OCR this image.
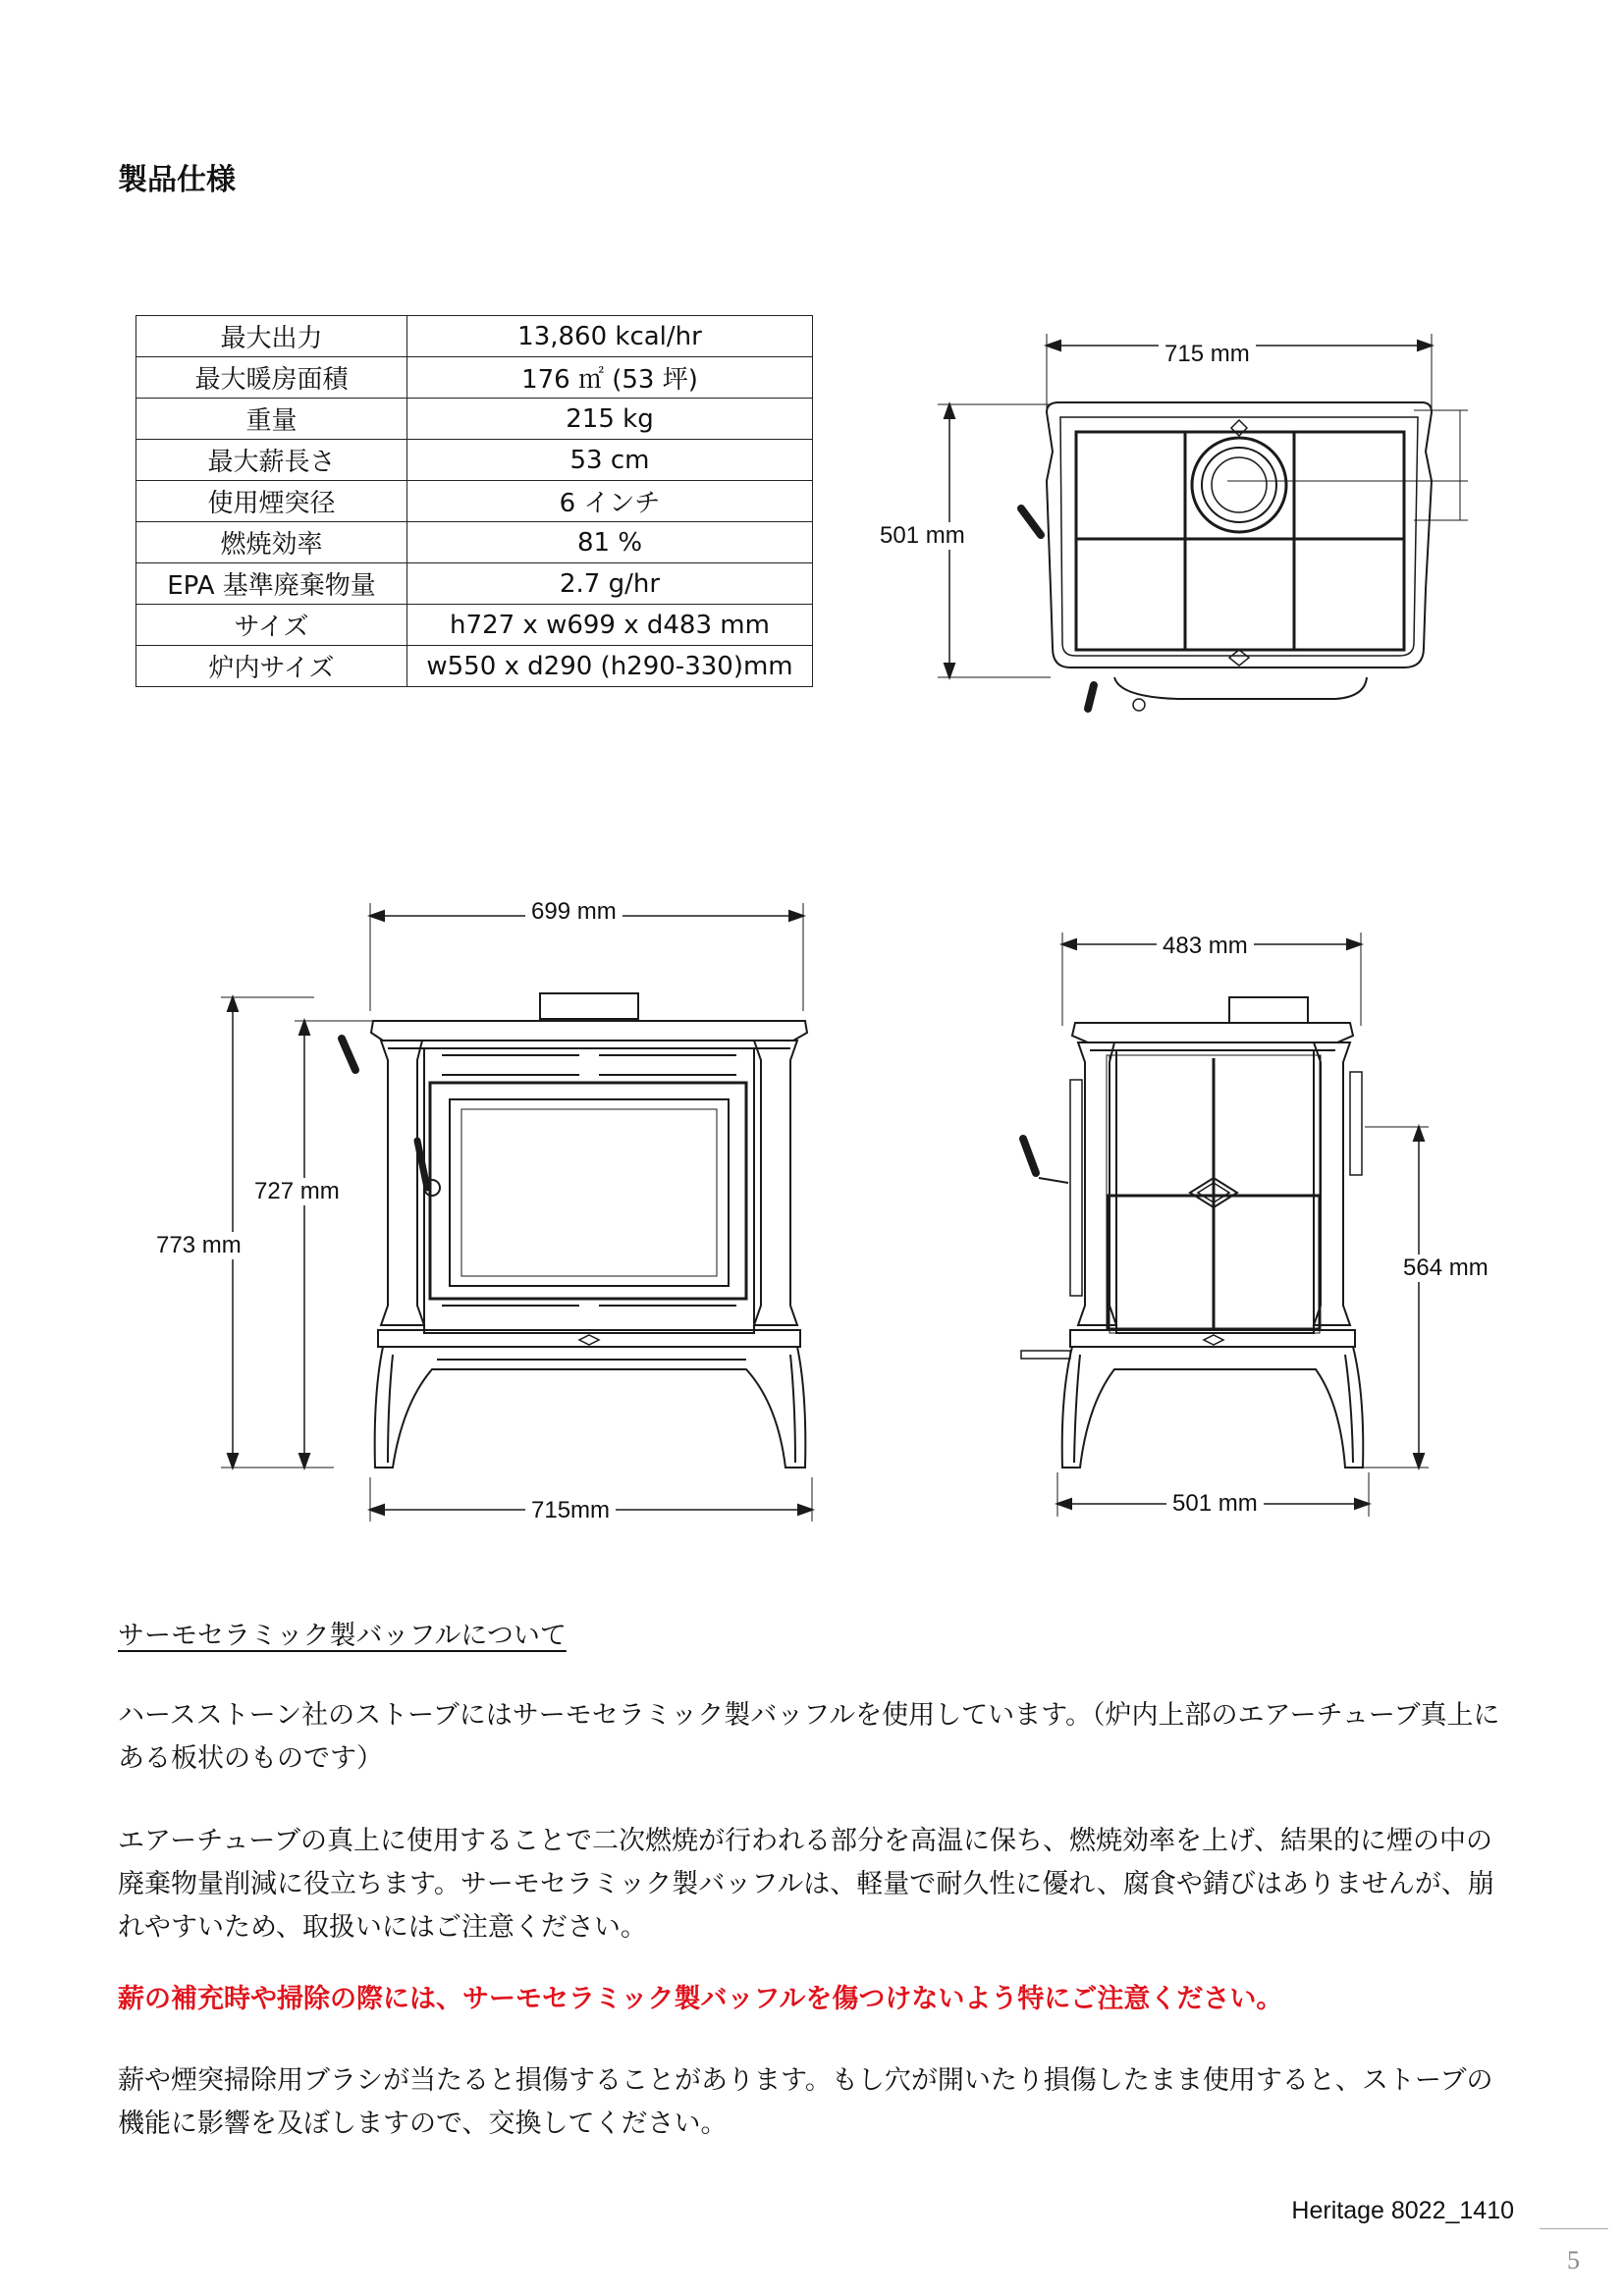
製品仕様
最大出力	13,860 kcal/hr
最大暖房面積	176 ㎡ (53 坪)
重量	215 kg
最大薪長さ	53 cm
使用煙突径	6 インチ
燃焼効率	81 %
EPA 基準廃棄物量	2.7 g/hr
サイズ	h727 x w699 x d483 mm
炉内サイズ	w550 x d290 (h290-330)mm
715 mm
501 mm
699 mm
727 mm
773 mm
715mm
483 mm
564 mm
501 mm
サーモセラミック製バッフルについて
ハースストーン社のストーブにはサーモセラミック製バッフルを使用しています。（炉内上部のエアーチューブ真上にある板状のものです）
エアーチューブの真上に使用することで二次燃焼が行われる部分を高温に保ち、燃焼効率を上げ、結果的に煙の中の廃棄物量削減に役立ちます。サーモセラミック製バッフルは、軽量で耐久性に優れ、腐食や錆びはありませんが、崩れやすいため、取扱いにはご注意ください。
薪の補充時や掃除の際には、サーモセラミック製バッフルを傷つけないよう特にご注意ください。
薪や煙突掃除用ブラシが当たると損傷することがあります。もし穴が開いたり損傷したまま使用すると、ストーブの機能に影響を及ぼしますので、交換してください。
Heritage 8022_1410
5
